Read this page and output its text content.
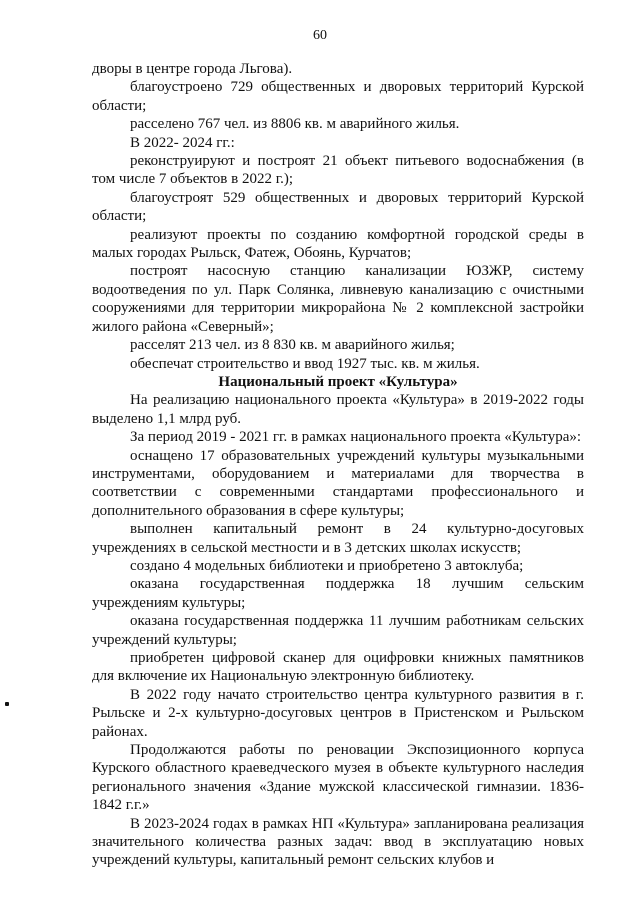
60

дворы в центре города Льгова).

благоустроено 729 общественных и дворовых территорий Курской области;

расселено 767 чел. из 8806 кв. м аварийного жилья.

В 2022- 2024 гг.:

реконструируют и построят 21 объект питьевого водоснабжения (в том числе 7 объектов в 2022 г.);

благоустроят 529 общественных и дворовых территорий Курской области;

реализуют проекты по созданию комфортной городской среды в малых городах Рыльск, Фатеж, Обоянь, Курчатов;

построят насосную станцию канализации ЮЗЖР, систему водоотведения по ул. Парк Солянка, ливневую канализацию с очистными сооружениями для территории микрорайона № 2 комплексной застройки жилого района «Северный»;

расселят 213 чел. из 8 830 кв. м аварийного жилья;

обеспечат строительство и ввод 1927 тыс. кв. м жилья.

Национальный проект «Культура»

На реализацию национального проекта «Культура» в 2019-2022 годы выделено 1,1 млрд руб.

За период 2019 - 2021 гг. в рамках национального проекта «Культура»:

оснащено 17 образовательных учреждений культуры музыкальными инструментами, оборудованием и материалами для творчества в соответствии с современными стандартами профессионального и дополнительного образования в сфере культуры;

выполнен капитальный ремонт в 24 культурно-досуговых учреждениях в сельской местности и в 3 детских школах искусств;

создано 4 модельных библиотеки и приобретено 3 автоклуба;

оказана государственная поддержка 18 лучшим сельским учреждениям культуры;

оказана государственная поддержка 11 лучшим работникам сельских учреждений культуры;

приобретен цифровой сканер для оцифровки книжных памятников для включение их Национальную электронную библиотеку.

В 2022 году начато строительство центра культурного развития в г. Рыльске и 2-х культурно-досуговых центров в Пристенском и Рыльском районах.

Продолжаются работы по реновации Экспозиционного корпуса Курского областного краеведческого музея в объекте культурного наследия регионального значения «Здание мужской классической гимназии. 1836-1842 г.г.»

В 2023-2024 годах в рамках НП «Культура» запланирована реализация значительного количества разных задач: ввод в эксплуатацию новых учреждений культуры, капитальный ремонт сельских клубов и
